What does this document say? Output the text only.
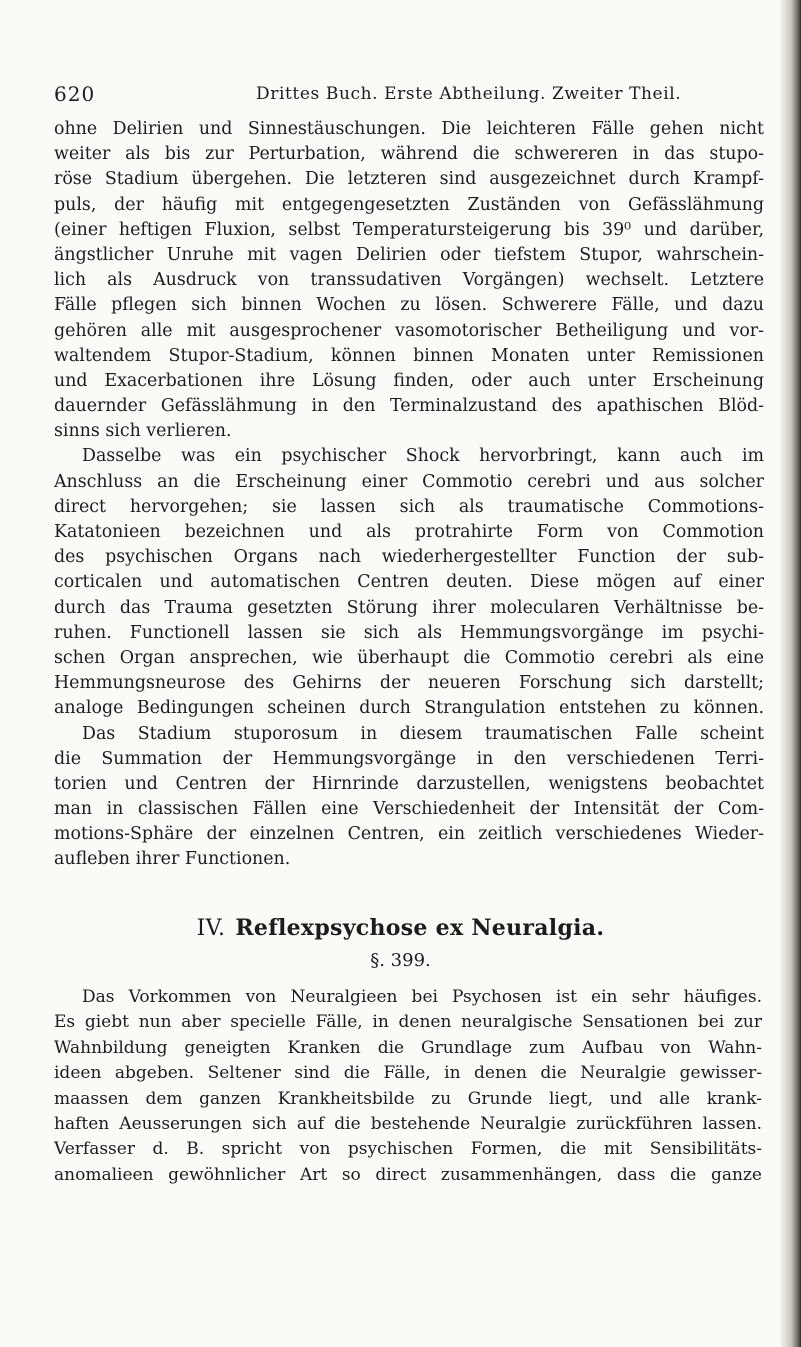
620	Drittes Buch. Erste Abtheilung. Zweiter Theil.
ohne Delirien und Sinnestäuschungen. Die leichteren Fälle gehen nicht
weiter als bis zur Perturbation, während die schwereren in das stupo-
röse Stadium übergehen. Die letzteren sind ausgezeichnet durch Krampf-
puls, der häufig mit entgegengesetzten Zuständen von Gefässlähmung
(einer heftigen Fluxion, selbst Temperatursteigerung bis 39⁰ und darüber,
ängstlicher Unruhe mit vagen Delirien oder tiefstem Stupor, wahrschein-
lich als Ausdruck von transsudativen Vorgängen) wechselt. Letztere
Fälle pflegen sich binnen Wochen zu lösen. Schwerere Fälle, und dazu
gehören alle mit ausgesprochener vasomotorischer Betheiligung und vor-
waltendem Stupor-Stadium, können binnen Monaten unter Remissionen
und Exacerbationen ihre Lösung finden, oder auch unter Erscheinung
dauernder Gefässlähmung in den Terminalzustand des apathischen Blöd-
sinns sich verlieren.
Dasselbe was ein psychischer Shock hervorbringt, kann auch im
Anschluss an die Erscheinung einer Commotio cerebri und aus solcher
direct hervorgehen; sie lassen sich als traumatische Commotions-
Katatonieen bezeichnen und als protrahirte Form von Commotion
des psychischen Organs nach wiederhergestellter Function der sub-
corticalen und automatischen Centren deuten. Diese mögen auf einer
durch das Trauma gesetzten Störung ihrer molecularen Verhältnisse be-
ruhen. Functionell lassen sie sich als Hemmungsvorgänge im psychi-
schen Organ ansprechen, wie überhaupt die Commotio cerebri als eine
Hemmungsneurose des Gehirns der neueren Forschung sich darstellt;
analoge Bedingungen scheinen durch Strangulation entstehen zu können.
Das Stadium stuporosum in diesem traumatischen Falle scheint
die Summation der Hemmungsvorgänge in den verschiedenen Terri-
torien und Centren der Hirnrinde darzustellen, wenigstens beobachtet
man in classischen Fällen eine Verschiedenheit der Intensität der Com-
motions-Sphäre der einzelnen Centren, ein zeitlich verschiedenes Wieder-
aufleben ihrer Functionen.
IV. Reflexpsychose ex Neuralgia.
§. 399.
Das Vorkommen von Neuralgieen bei Psychosen ist ein sehr häufiges.
Es giebt nun aber specielle Fälle, in denen neuralgische Sensationen bei zur
Wahnbildung geneigten Kranken die Grundlage zum Aufbau von Wahn-
ideen abgeben. Seltener sind die Fälle, in denen die Neuralgie gewisser-
maassen dem ganzen Krankheitsbilde zu Grunde liegt, und alle krank-
haften Aeusserungen sich auf die bestehende Neuralgie zurückführen lassen.
Verfasser d. B. spricht von psychischen Formen, die mit Sensibilitäts-
anomalieen gewöhnlicher Art so direct zusammenhängen, dass die ganze
